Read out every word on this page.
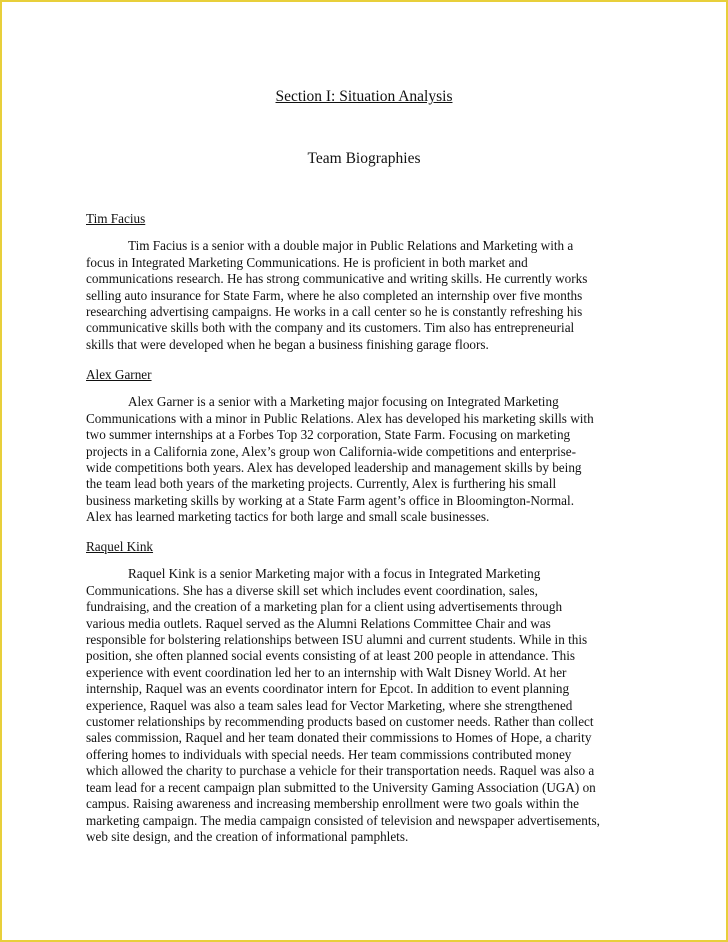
Section I: Situation Analysis
Team Biographies
Tim Facius

Tim Facius is a senior with a double major in Public Relations and Marketing with a
focus in Integrated Marketing Communications. He is proficient in both market and
communications research. He has strong communicative and writing skills. He currently works
selling auto insurance for State Farm, where he also completed an internship over five months
researching advertising campaigns. He works in a call center so he is constantly refreshing his
communicative skills both with the company and its customers. Tim also has entrepreneurial
skills that were developed when he began a business finishing garage floors.

Alex Garner

Alex Garner is a senior with a Marketing major focusing on Integrated Marketing
Communications with a minor in Public Relations. Alex has developed his marketing skills with
two summer internships at a Forbes Top 32 corporation, State Farm. Focusing on marketing
projects in a California zone, Alex’s group won California-wide competitions and enterprise-
wide competitions both years. Alex has developed leadership and management skills by being
the team lead both years of the marketing projects. Currently, Alex is furthering his small
business marketing skills by working at a State Farm agent’s office in Bloomington-Normal.
Alex has learned marketing tactics for both large and small scale businesses.

Raquel Kink

Raquel Kink is a senior Marketing major with a focus in Integrated Marketing
Communications. She has a diverse skill set which includes event coordination, sales,
fundraising, and the creation of a marketing plan for a client using advertisements through
various media outlets. Raquel served as the Alumni Relations Committee Chair and was
responsible for bolstering relationships between ISU alumni and current students. While in this
position, she often planned social events consisting of at least 200 people in attendance. This
experience with event coordination led her to an internship with Walt Disney World. At her
internship, Raquel was an events coordinator intern for Epcot. In addition to event planning
experience, Raquel was also a team sales lead for Vector Marketing, where she strengthened
customer relationships by recommending products based on customer needs. Rather than collect
sales commission, Raquel and her team donated their commissions to Homes of Hope, a charity
offering homes to individuals with special needs. Her team commissions contributed money
which allowed the charity to purchase a vehicle for their transportation needs. Raquel was also a
team lead for a recent campaign plan submitted to the University Gaming Association (UGA) on
campus. Raising awareness and increasing membership enrollment were two goals within the
marketing campaign. The media campaign consisted of television and newspaper advertisements,
web site design, and the creation of informational pamphlets.
